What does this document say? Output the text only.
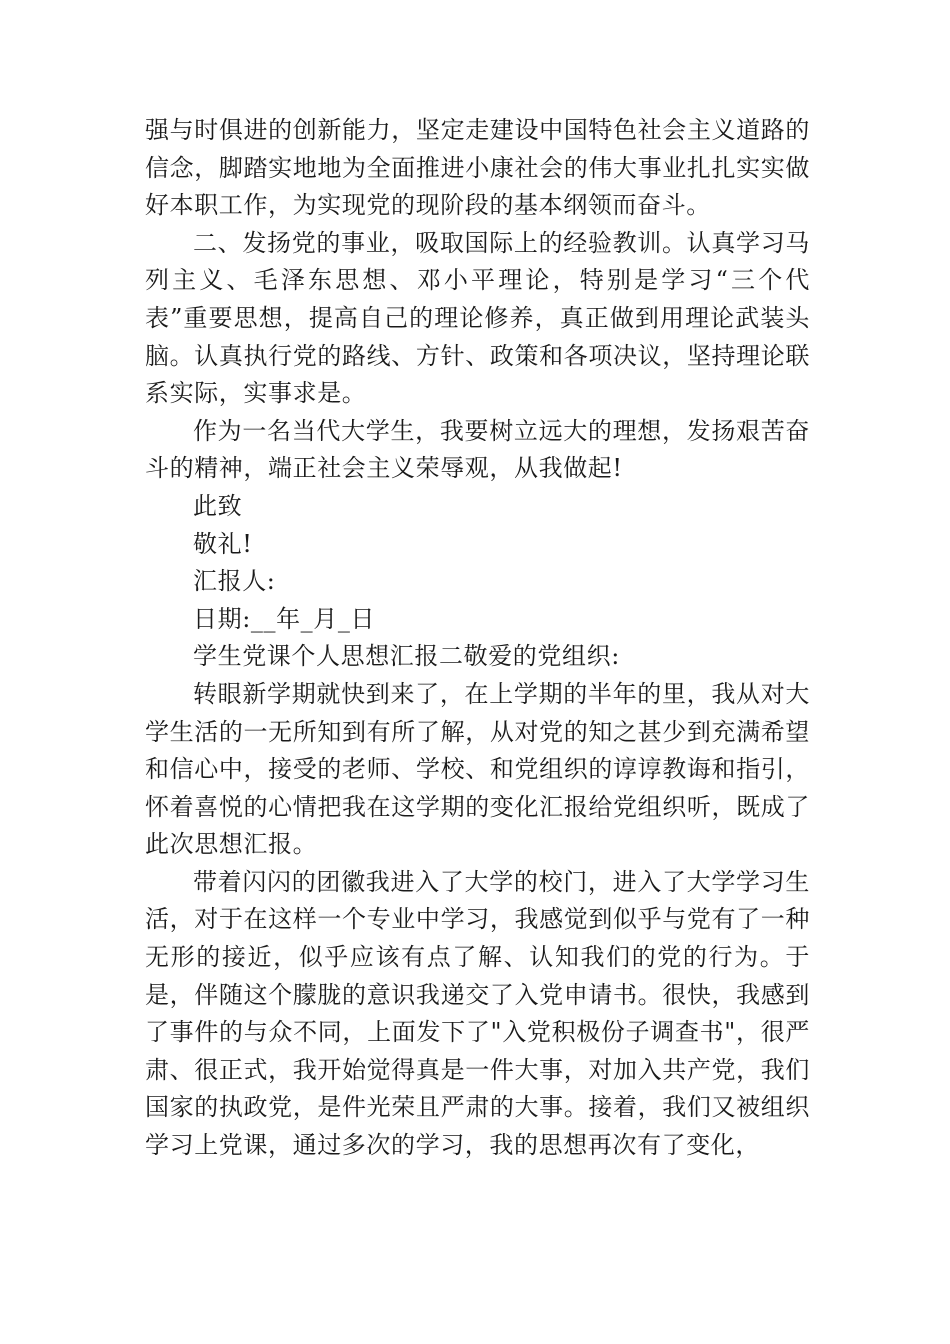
强与时俱进的创新能力，坚定走建设中国特色社会主义道路的信念，脚踏实地地为全面推进小康社会的伟大事业扎扎实实做好本职工作，为实现党的现阶段的基本纲领而奋斗。

二、发扬党的事业，吸取国际上的经验教训。认真学习马列主义、毛泽东思想、邓小平理论，特别是学习“三个代表”重要思想，提高自己的理论修养，真正做到用理论武装头脑。认真执行党的路线、方针、政策和各项决议，坚持理论联系实际，实事求是。

作为一名当代大学生，我要树立远大的理想，发扬艰苦奋斗的精神，端正社会主义荣辱观，从我做起!

此致

敬礼!

汇报人:

日期:__年_月_日

学生党课个人思想汇报二敬爱的党组织:

转眼新学期就快到来了，在上学期的半年的里，我从对大学生活的一无所知到有所了解，从对党的知之甚少到充满希望和信心中，接受的老师、学校、和党组织的谆谆教诲和指引，怀着喜悦的心情把我在这学期的变化汇报给党组织听，既成了此次思想汇报。

带着闪闪的团徽我进入了大学的校门，进入了大学学习生活，对于在这样一个专业中学习，我感觉到似乎与党有了一种无形的接近，似乎应该有点了解、认知我们的党的行为。于是，伴随这个朦胧的意识我递交了入党申请书。很快，我感到了事件的与众不同，上面发下了"入党积极份子调查书"，很严肃、很正式，我开始觉得真是一件大事，对加入共产党，我们国家的执政党，是件光荣且严肃的大事。接着，我们又被组织学习上党课，通过多次的学习，我的思想再次有了变化，
